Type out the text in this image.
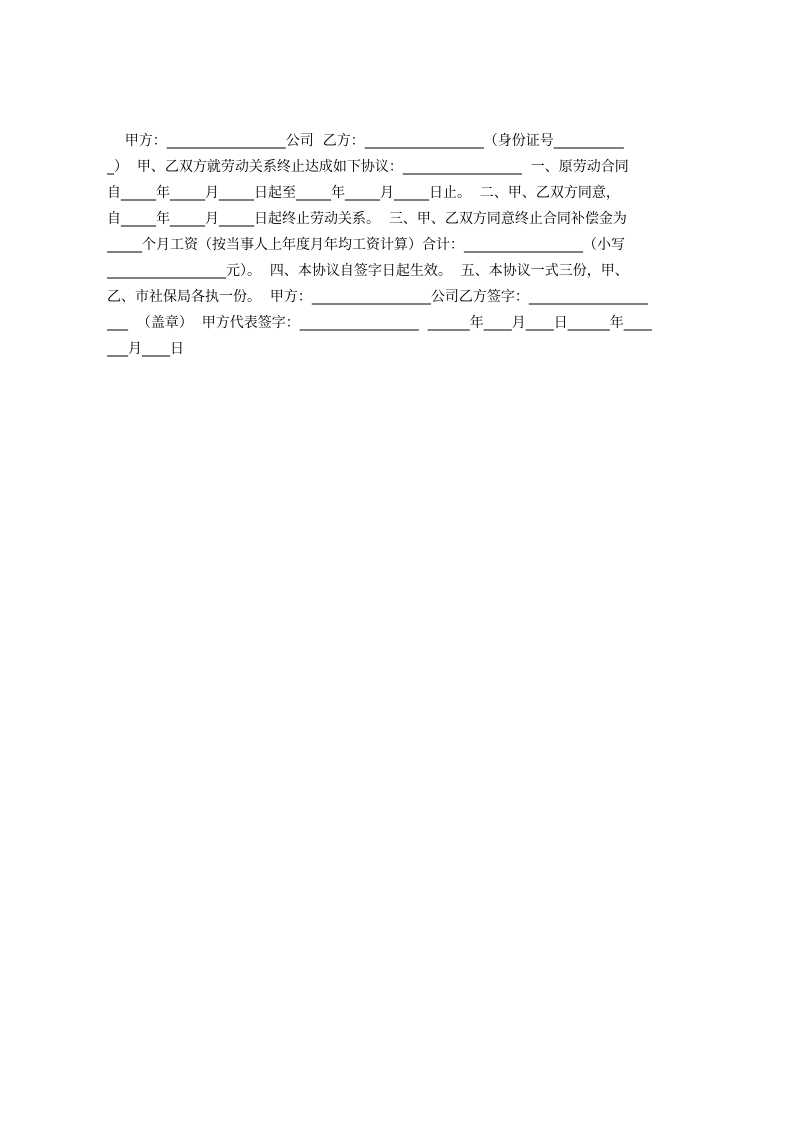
甲方：_________________公司  乙方：_________________（身份证号__________
_）  甲、乙双方就劳动关系终止达成如下协议：_________________  一、原劳动合同
自_____年_____月_____日起至_____年_____月_____日止。  二、甲、乙双方同意，
自_____年_____月_____日起终止劳动关系。  三、甲、乙双方同意终止合同补偿金为
_____个月工资（按当事人上年度月年均工资计算）合计：_________________（小写
_________________元）。  四、本协议自签字日起生效。  五、本协议一式三份，甲、
乙、市社保局各执一份。  甲方：_________________公司乙方签字：_________________
___  （盖章）  甲方代表签字：_________________  ______年____月____日______年____
___月____日
